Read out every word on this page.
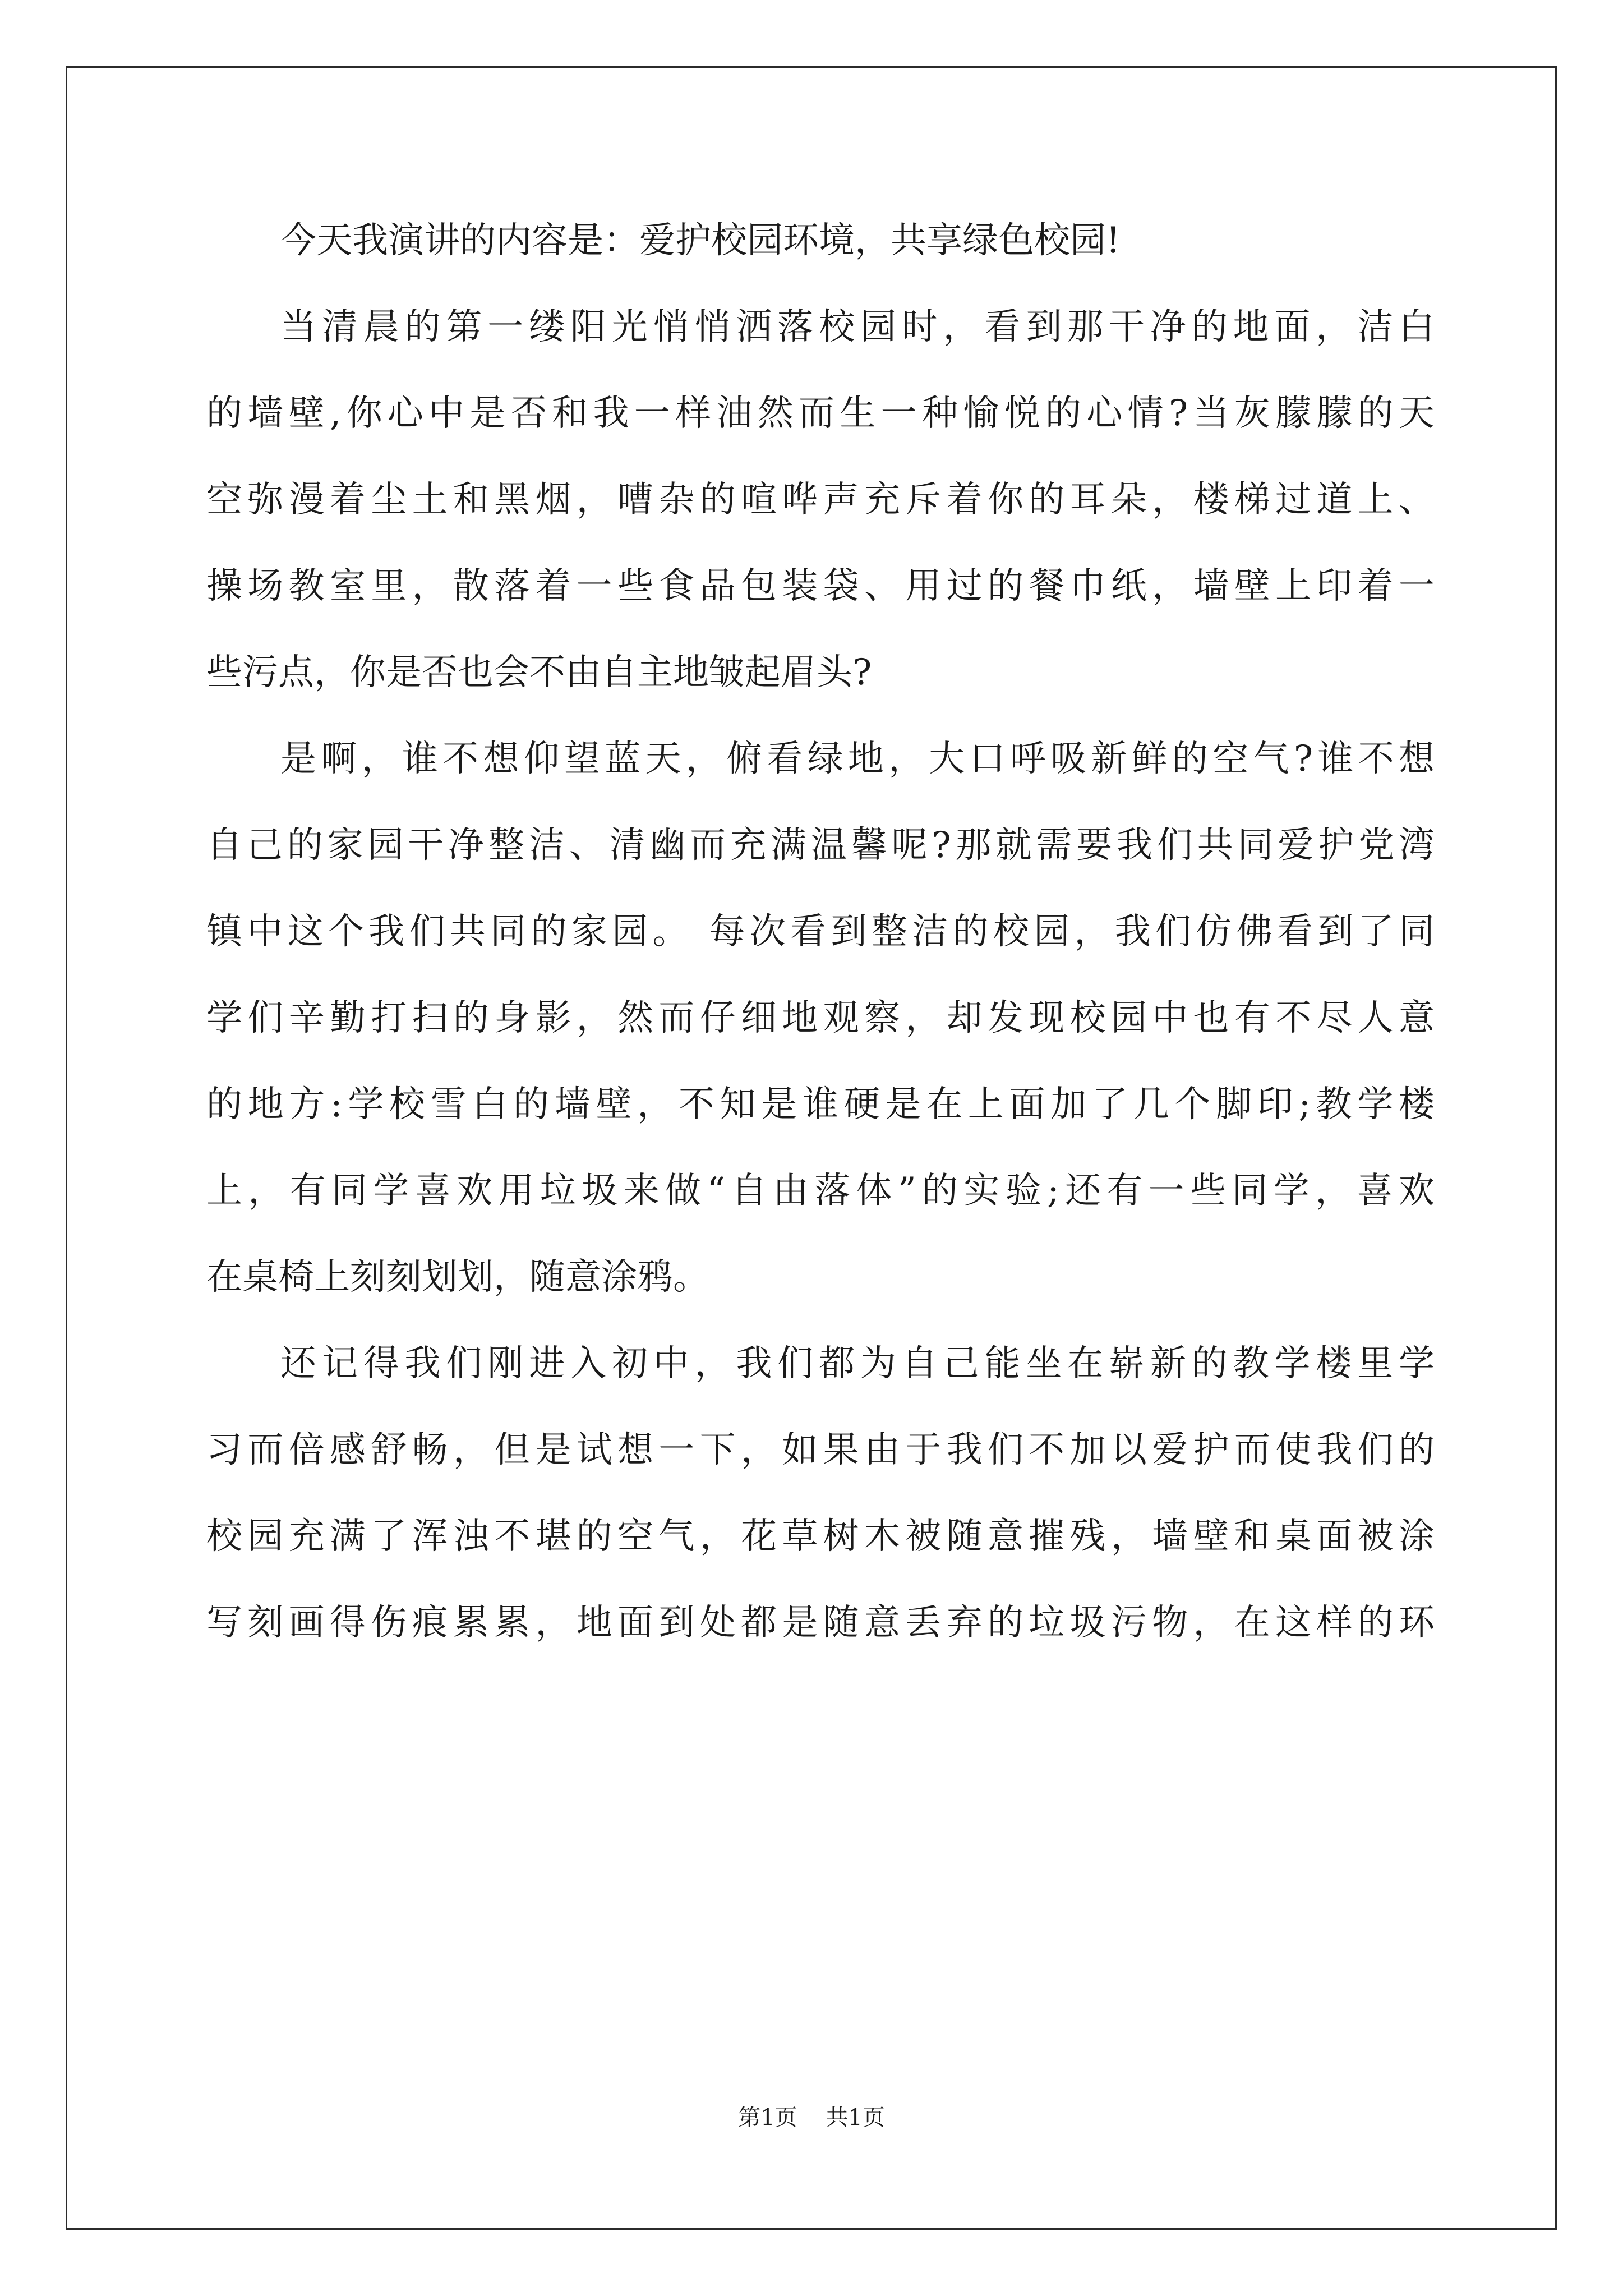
今天我演讲的内容是：爱护校园环境，共享绿色校园!
当清晨的第一缕阳光悄悄洒落校园时，看到那干净的地面，洁白
的墙壁,你心中是否和我一样油然而生一种愉悦的心情?当灰朦朦的天
空弥漫着尘土和黑烟，嘈杂的喧哗声充斥着你的耳朵，楼梯过道上、
操场教室里，散落着一些食品包装袋、用过的餐巾纸，墙壁上印着一
些污点，你是否也会不由自主地皱起眉头?
是啊，谁不想仰望蓝天，俯看绿地，大口呼吸新鲜的空气?谁不想
自己的家园干净整洁、清幽而充满温馨呢?那就需要我们共同爱护党湾
镇中这个我们共同的家园。 每次看到整洁的校园，我们仿佛看到了同
学们辛勤打扫的身影，然而仔细地观察，却发现校园中也有不尽人意
的地方:学校雪白的墙壁，不知是谁硬是在上面加了几个脚印;教学楼
上，有同学喜欢用垃圾来做“自由落体”的实验;还有一些同学，喜欢
在桌椅上刻刻划划，随意涂鸦。
还记得我们刚进入初中，我们都为自己能坐在崭新的教学楼里学
习而倍感舒畅，但是试想一下，如果由于我们不加以爱护而使我们的
校园充满了浑浊不堪的空气，花草树木被随意摧残，墙壁和桌面被涂
写刻画得伤痕累累，地面到处都是随意丢弃的垃圾污物，在这样的环
第1页    共1页
